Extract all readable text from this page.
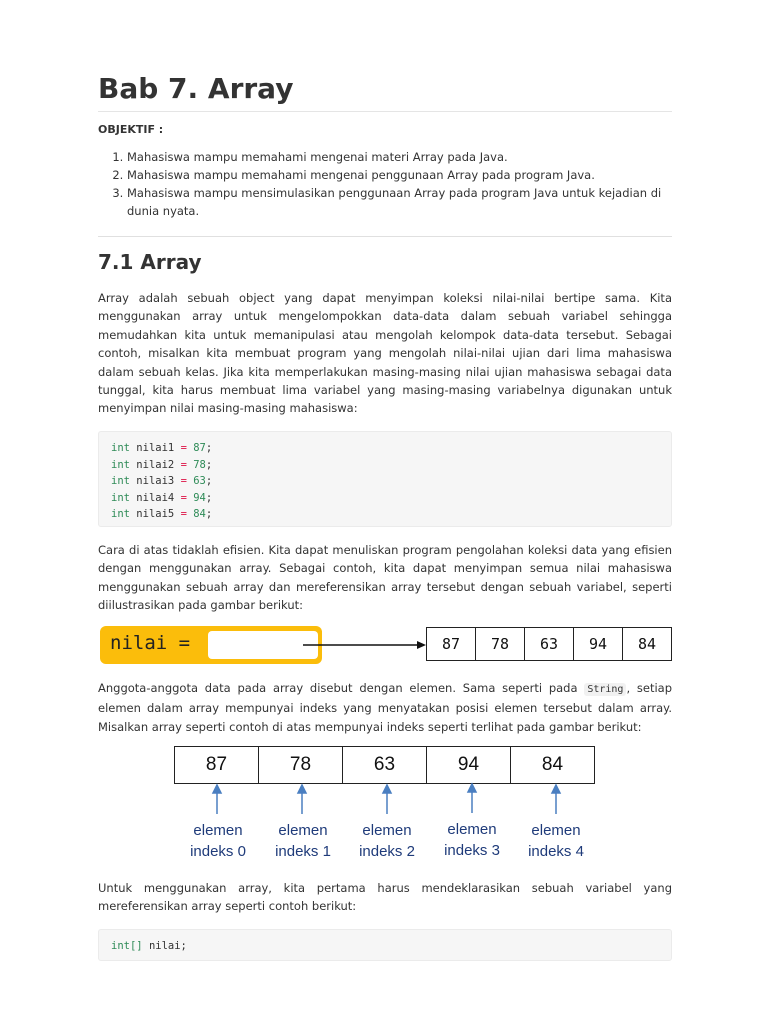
Bab 7. Array
OBJEKTIF :
1. Mahasiswa mampu memahami mengenai materi Array pada Java.
2. Mahasiswa mampu memahami mengenai penggunaan Array pada program Java.
3. Mahasiswa mampu mensimulasikan penggunaan Array pada program Java untuk kejadian di dunia nyata.
7.1 Array

Array adalah sebuah object yang dapat menyimpan koleksi nilai-nilai bertipe sama. Kita menggunakan array untuk mengelompokkan data-data dalam sebuah variabel sehingga memudahkan kita untuk memanipulasi atau mengolah kelompok data-data tersebut. Sebagai contoh, misalkan kita membuat program yang mengolah nilai-nilai ujian dari lima mahasiswa dalam sebuah kelas. Jika kita memperlakukan masing-masing nilai ujian mahasiswa sebagai data tunggal, kita harus membuat lima variabel yang masing-masing variabelnya digunakan untuk menyimpan nilai masing-masing mahasiswa:

int nilai1 = 87;
int nilai2 = 78;
int nilai3 = 63;
int nilai4 = 94;
int nilai5 = 84;

Cara di atas tidaklah efisien. Kita dapat menuliskan program pengolahan koleksi data yang efisien dengan menggunakan array. Sebagai contoh, kita dapat menyimpan semua nilai mahasiswa menggunakan sebuah array dan mereferensikan array tersebut dengan sebuah variabel, seperti diilustrasikan pada gambar berikut:

nilai =	87	78	63	94	84

Anggota-anggota data pada array disebut dengan elemen. Sama seperti pada String , setiap elemen dalam array mempunyai indeks yang menyatakan posisi elemen tersebut dalam array. Misalkan array seperti contoh di atas mempunyai indeks seperti terlihat pada gambar berikut:

87	78	63	94	84
elemen
indeks 0
elemen
indeks 1
elemen
indeks 2
elemen
indeks 3
elemen
indeks 4

Untuk menggunakan array, kita pertama harus mendeklarasikan sebuah variabel yang mereferensikan array seperti contoh berikut:

int[] nilai;
